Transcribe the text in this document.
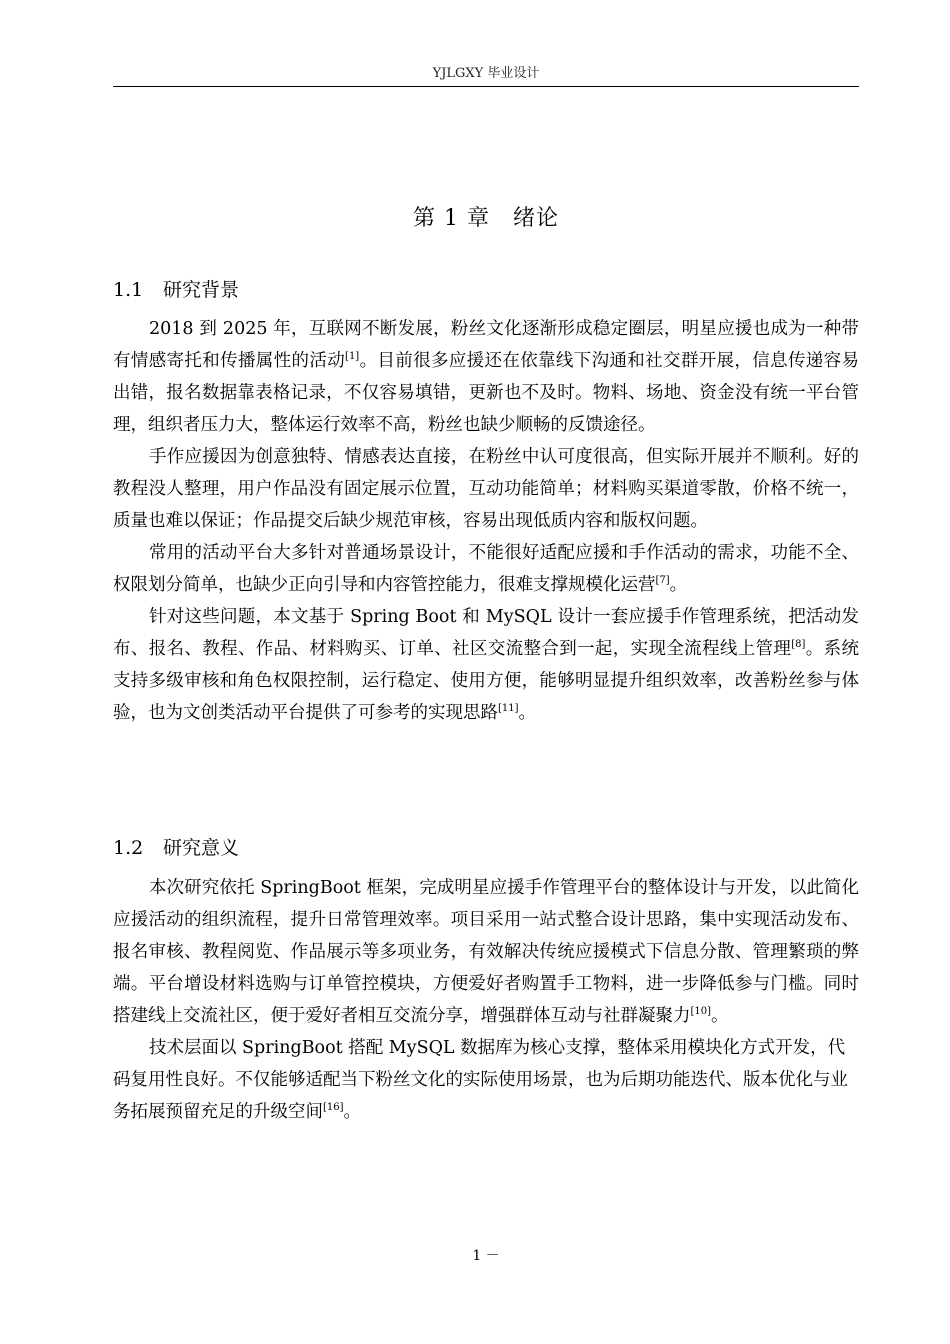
YJLGXY 毕业设计
第 1 章　绪论
1.1 研究背景

2018 到 2025 年，互联网不断发展，粉丝文化逐渐形成稳定圈层，明星应援也成为一种带有情感寄托和传播属性的活动[1]。目前很多应援还在依靠线下沟通和社交群开展，信息传递容易出错，报名数据靠表格记录，不仅容易填错，更新也不及时。物料、场地、资金没有统一平台管理，组织者压力大，整体运行效率不高，粉丝也缺少顺畅的反馈途径。

手作应援因为创意独特、情感表达直接，在粉丝中认可度很高，但实际开展并不顺利。好的教程没人整理，用户作品没有固定展示位置，互动功能简单；材料购买渠道零散，价格不统一，质量也难以保证；作品提交后缺少规范审核，容易出现低质内容和版权问题。

常用的活动平台大多针对普通场景设计，不能很好适配应援和手作活动的需求，功能不全、权限划分简单，也缺少正向引导和内容管控能力，很难支撑规模化运营[7]。

针对这些问题，本文基于 Spring Boot 和 MySQL 设计一套应援手作管理系统，把活动发布、报名、教程、作品、材料购买、订单、社区交流整合到一起，实现全流程线上管理[8]。系统支持多级审核和角色权限控制，运行稳定、使用方便，能够明显提升组织效率，改善粉丝参与体验，也为文创类活动平台提供了可参考的实现思路[11]。

1.2 研究意义

本次研究依托 SpringBoot 框架，完成明星应援手作管理平台的整体设计与开发，以此简化应援活动的组织流程，提升日常管理效率。项目采用一站式整合设计思路，集中实现活动发布、报名审核、教程阅览、作品展示等多项业务，有效解决传统应援模式下信息分散、管理繁琐的弊端。平台增设材料选购与订单管控模块，方便爱好者购置手工物料，进一步降低参与门槛。同时搭建线上交流社区，便于爱好者相互交流分享，增强群体互动与社群凝聚力[10]。

技术层面以 SpringBoot 搭配 MySQL 数据库为核心支撑，整体采用模块化方式开发，代码复用性良好。不仅能够适配当下粉丝文化的实际使用场景，也为后期功能迭代、版本优化与业务拓展预留充足的升级空间[16]。

1 －
